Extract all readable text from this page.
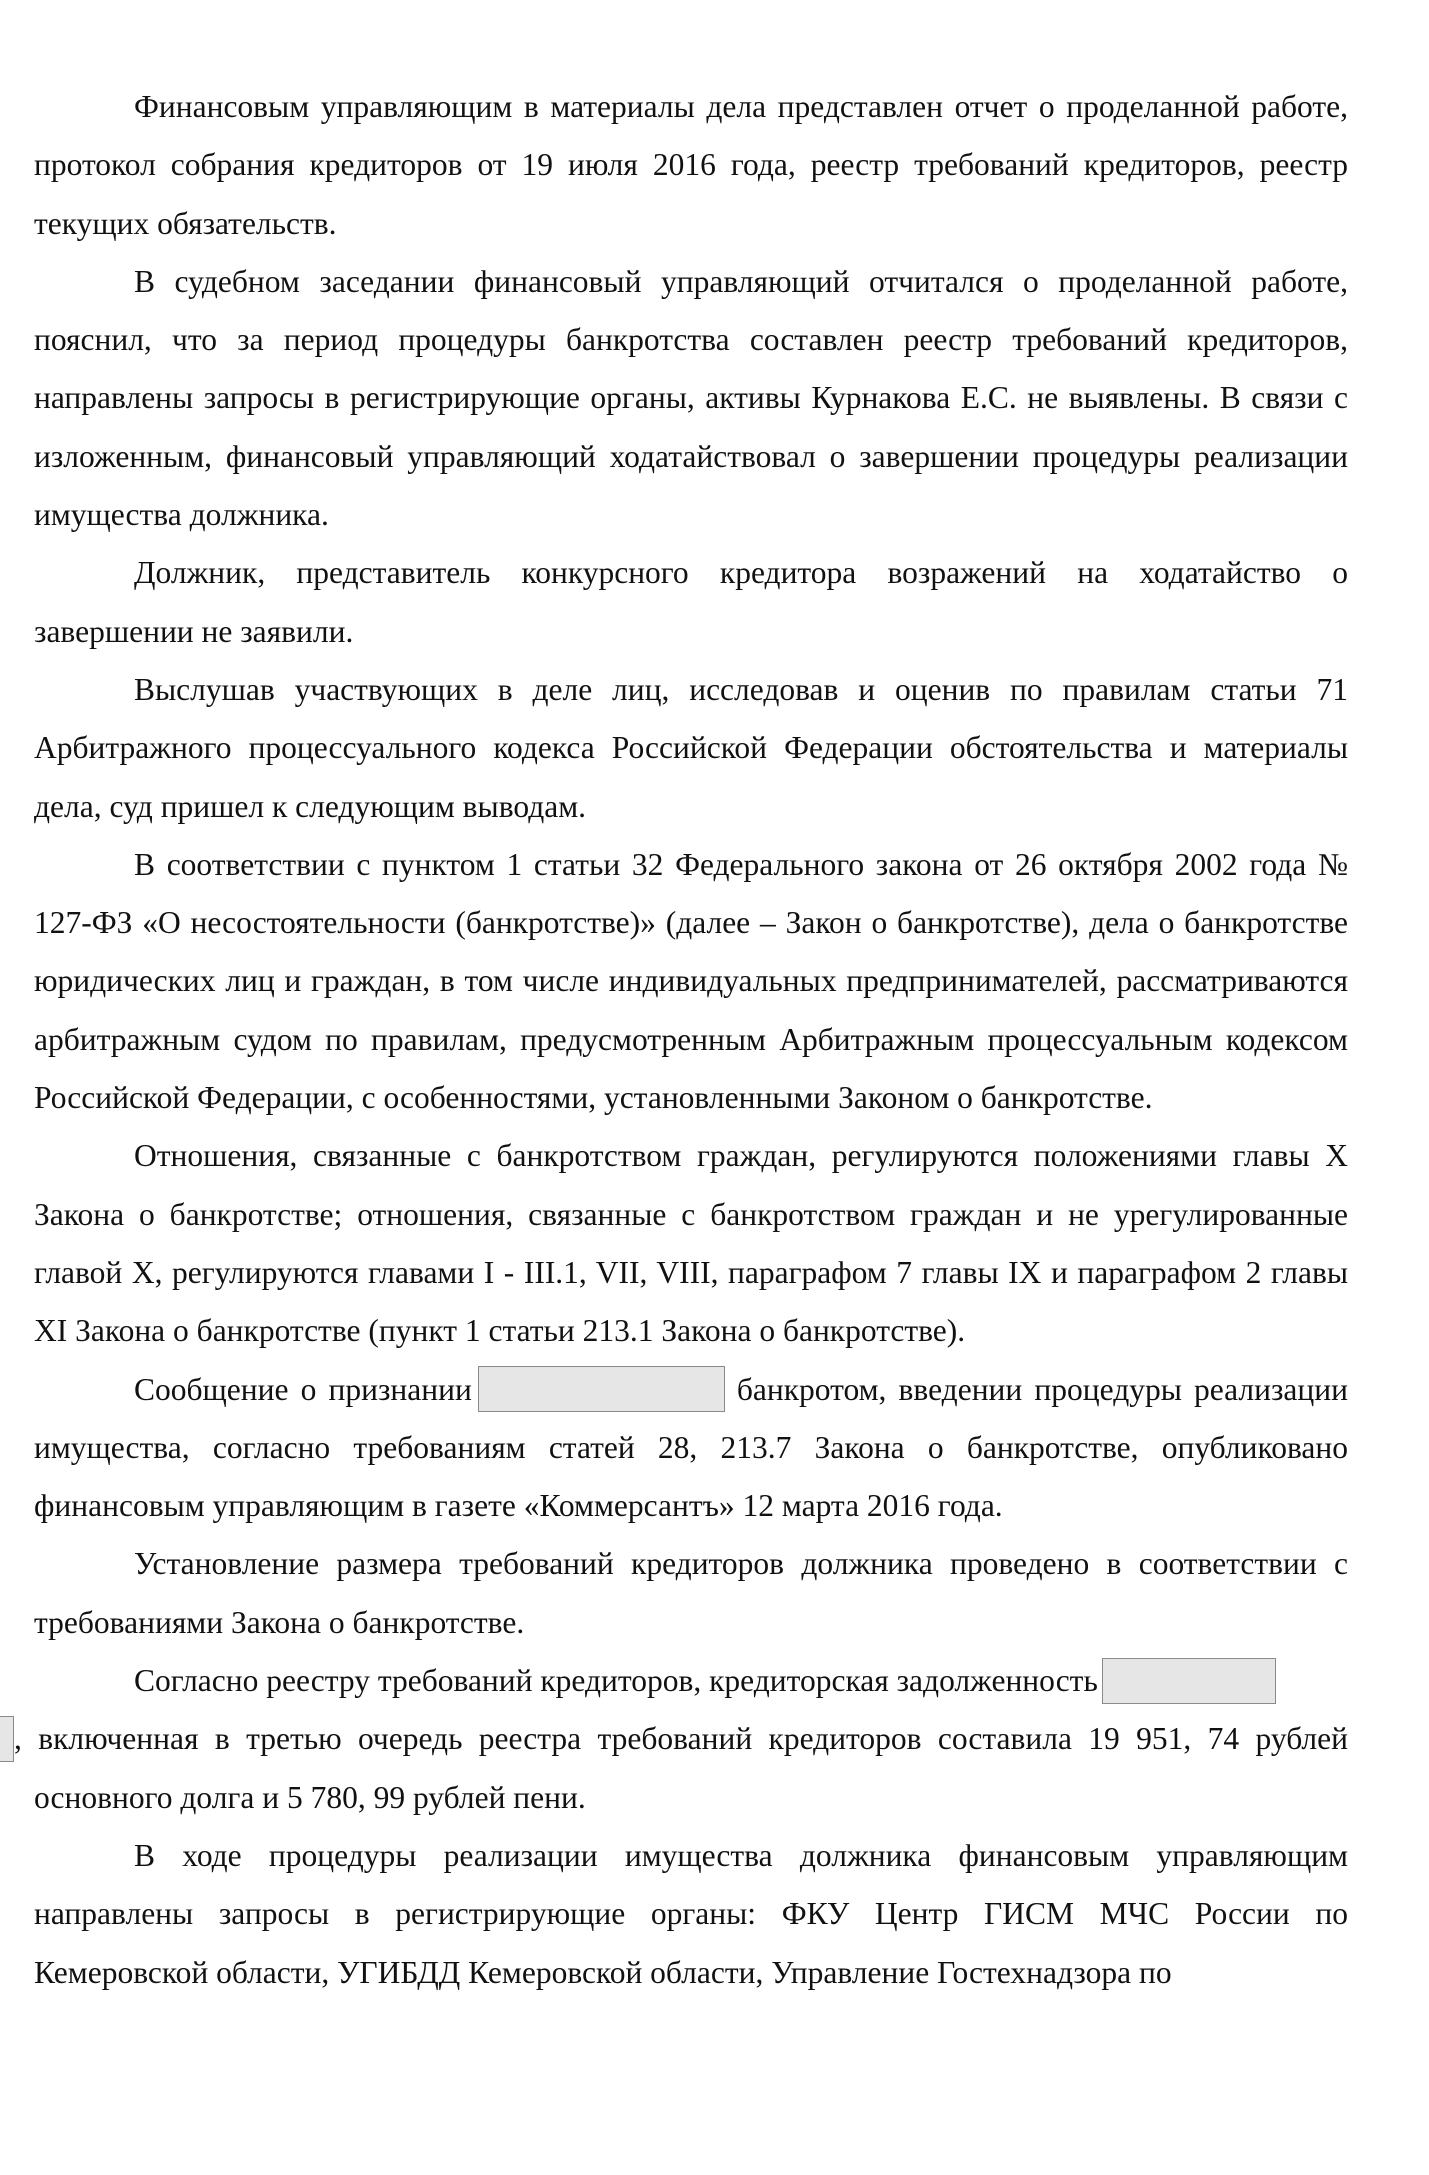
Финансовым управляющим в материалы дела представлен отчет о проделанной работе, протокол собрания кредиторов от 19 июля 2016 года, реестр требований кредиторов, реестр текущих обязательств.

В судебном заседании финансовый управляющий отчитался о проделанной работе, пояснил, что за период процедуры банкротства составлен реестр требований кредиторов, направлены запросы в регистрирующие органы, активы Курнакова Е.С. не выявлены. В связи с изложенным, финансовый управляющий ходатайствовал о завершении процедуры реализации имущества должника.

Должник, представитель конкурсного кредитора возражений на ходатайство о завершении не заявили.

Выслушав участвующих в деле лиц, исследовав и оценив по правилам статьи 71 Арбитражного процессуального кодекса Российской Федерации обстоятельства и материалы дела, суд пришел к следующим выводам.

В соответствии с пунктом 1 статьи 32 Федерального закона от 26 октября 2002 года № 127-ФЗ «О несостоятельности (банкротстве)» (далее – Закон о банкротстве), дела о банкротстве юридических лиц и граждан, в том числе индивидуальных предпринимателей, рассматриваются арбитражным судом по правилам, предусмотренным Арбитражным процессуальным кодексом Российской Федерации, с особенностями, установленными Законом о банкротстве.

Отношения, связанные с банкротством граждан, регулируются положениями главы X Закона о банкротстве; отношения, связанные с банкротством граждан и не урегулированные главой X, регулируются главами I - III.1, VII, VIII, параграфом 7 главы IX и параграфом 2 главы XI Закона о банкротстве (пункт 1 статьи 213.1 Закона о банкротстве).

Сообщение о признании	банкротом, введении процедуры реализации имущества, согласно требованиям статей 28, 213.7 Закона о банкротстве, опубликовано финансовым управляющим в газете «Коммерсантъ» 12 марта 2016 года.

Установление размера требований кредиторов должника проведено в соответствии с требованиями Закона о банкротстве.

Согласно реестру требований кредиторов, кредиторская задолженность
, включенная в третью очередь реестра требований кредиторов составила 19 951, 74 рублей основного долга и 5 780, 99 рублей пени.

В ходе процедуры реализации имущества должника финансовым управляющим направлены запросы в регистрирующие органы: ФКУ Центр ГИСМ МЧС России по Кемеровской области, УГИБДД Кемеровской области, Управление Гостехнадзора по
